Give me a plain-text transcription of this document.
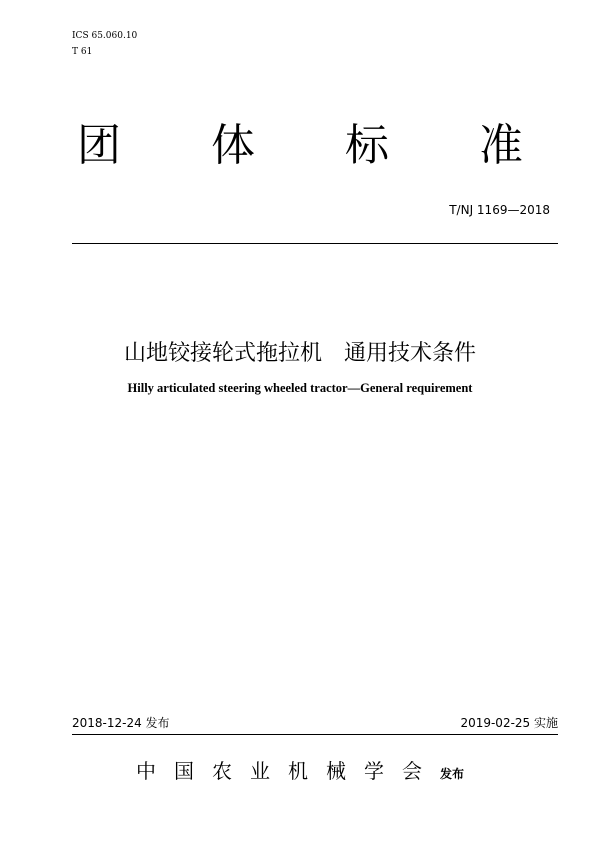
ICS 65.060.10
T 61
团 体 标 准
T/NJ 1169—2018
山地铰接轮式拖拉机　通用技术条件
Hilly articulated steering wheeled tractor—General requirement
2018-12-24 发布	2019-02-25 实施
中国农业机械学会发布
